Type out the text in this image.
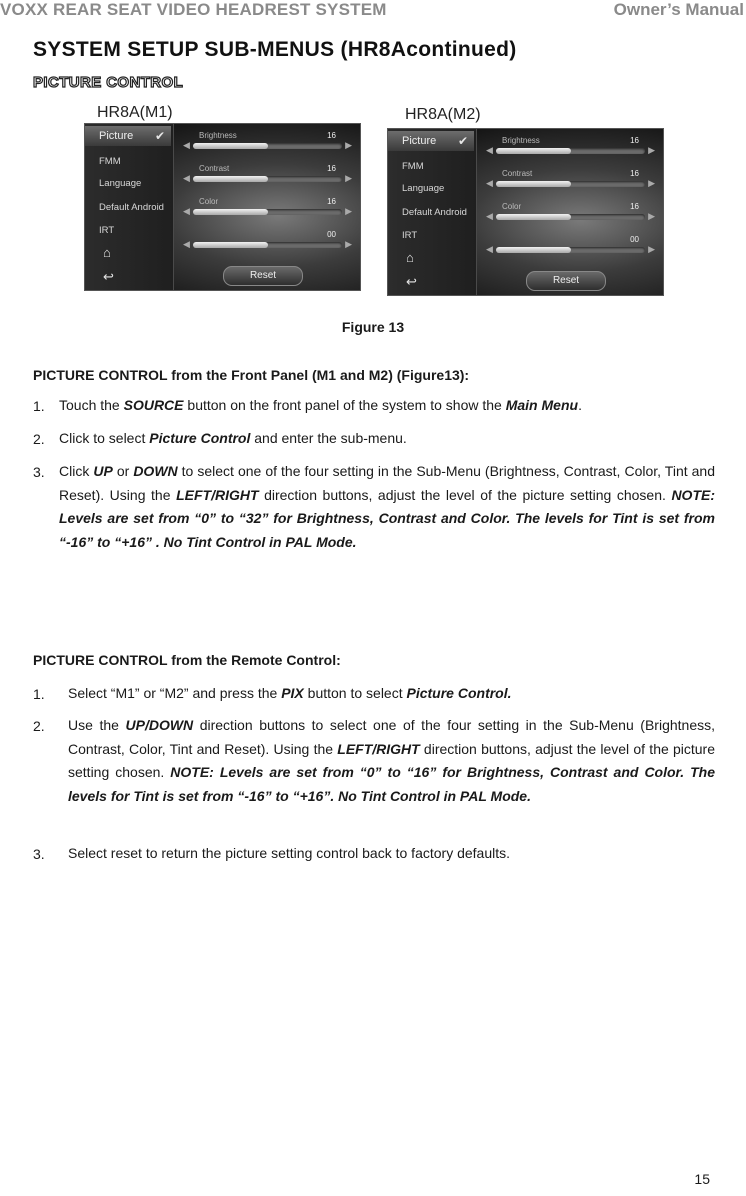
VOXX REAR SEAT VIDEO HEADREST SYSTEM	Owner’s Manual
SYSTEM SETUP SUB-MENUS (HR8Acontinued)
PICTURE CONTROL
HR8A(M1)	HR8A(M2)
Picture ✔
FMM
Language
Default Android
IRT
⌂
↩
Brightness	16
◀	▶
Contrast	16
◀	▶
Color	16
◀	▶
00
◀	▶
Reset
Picture ✔
FMM
Language
Default Android
IRT
⌂
↩
Brightness	16
◀	▶
Contrast	16
◀	▶
Color	16
◀	▶
00
◀	▶
Reset
Figure 13
PICTURE CONTROL from the Front Panel (M1 and M2) (Figure13):
1. Touch the SOURCE button on the front panel of the system to show the Main Menu.
2. Click to select Picture Control and enter the sub-menu.
3. Click UP or DOWN to select one of the four setting in the Sub-Menu (Brightness, Contrast, Color, Tint and Reset). Using the LEFT/RIGHT direction buttons, adjust the level of the picture setting chosen. NOTE: Levels are set from “0” to “32” for Brightness, Contrast and Color. The levels for Tint is set from “-16” to “+16” . No Tint Control in PAL Mode.
PICTURE CONTROL from the Remote Control:
1. Select “M1” or “M2” and press the PIX button to select Picture Control.
2. Use the UP/DOWN direction buttons to select one of the four setting in the Sub-Menu (Brightness, Contrast, Color, Tint and Reset). Using the LEFT/RIGHT direction buttons, adjust the level of the picture setting chosen. NOTE: Levels are set from “0” to “16” for Brightness, Contrast and Color. The levels for Tint is set from “-16” to “+16”. No Tint Control in PAL Mode.
3. Select reset to return the picture setting control back to factory defaults.
15
